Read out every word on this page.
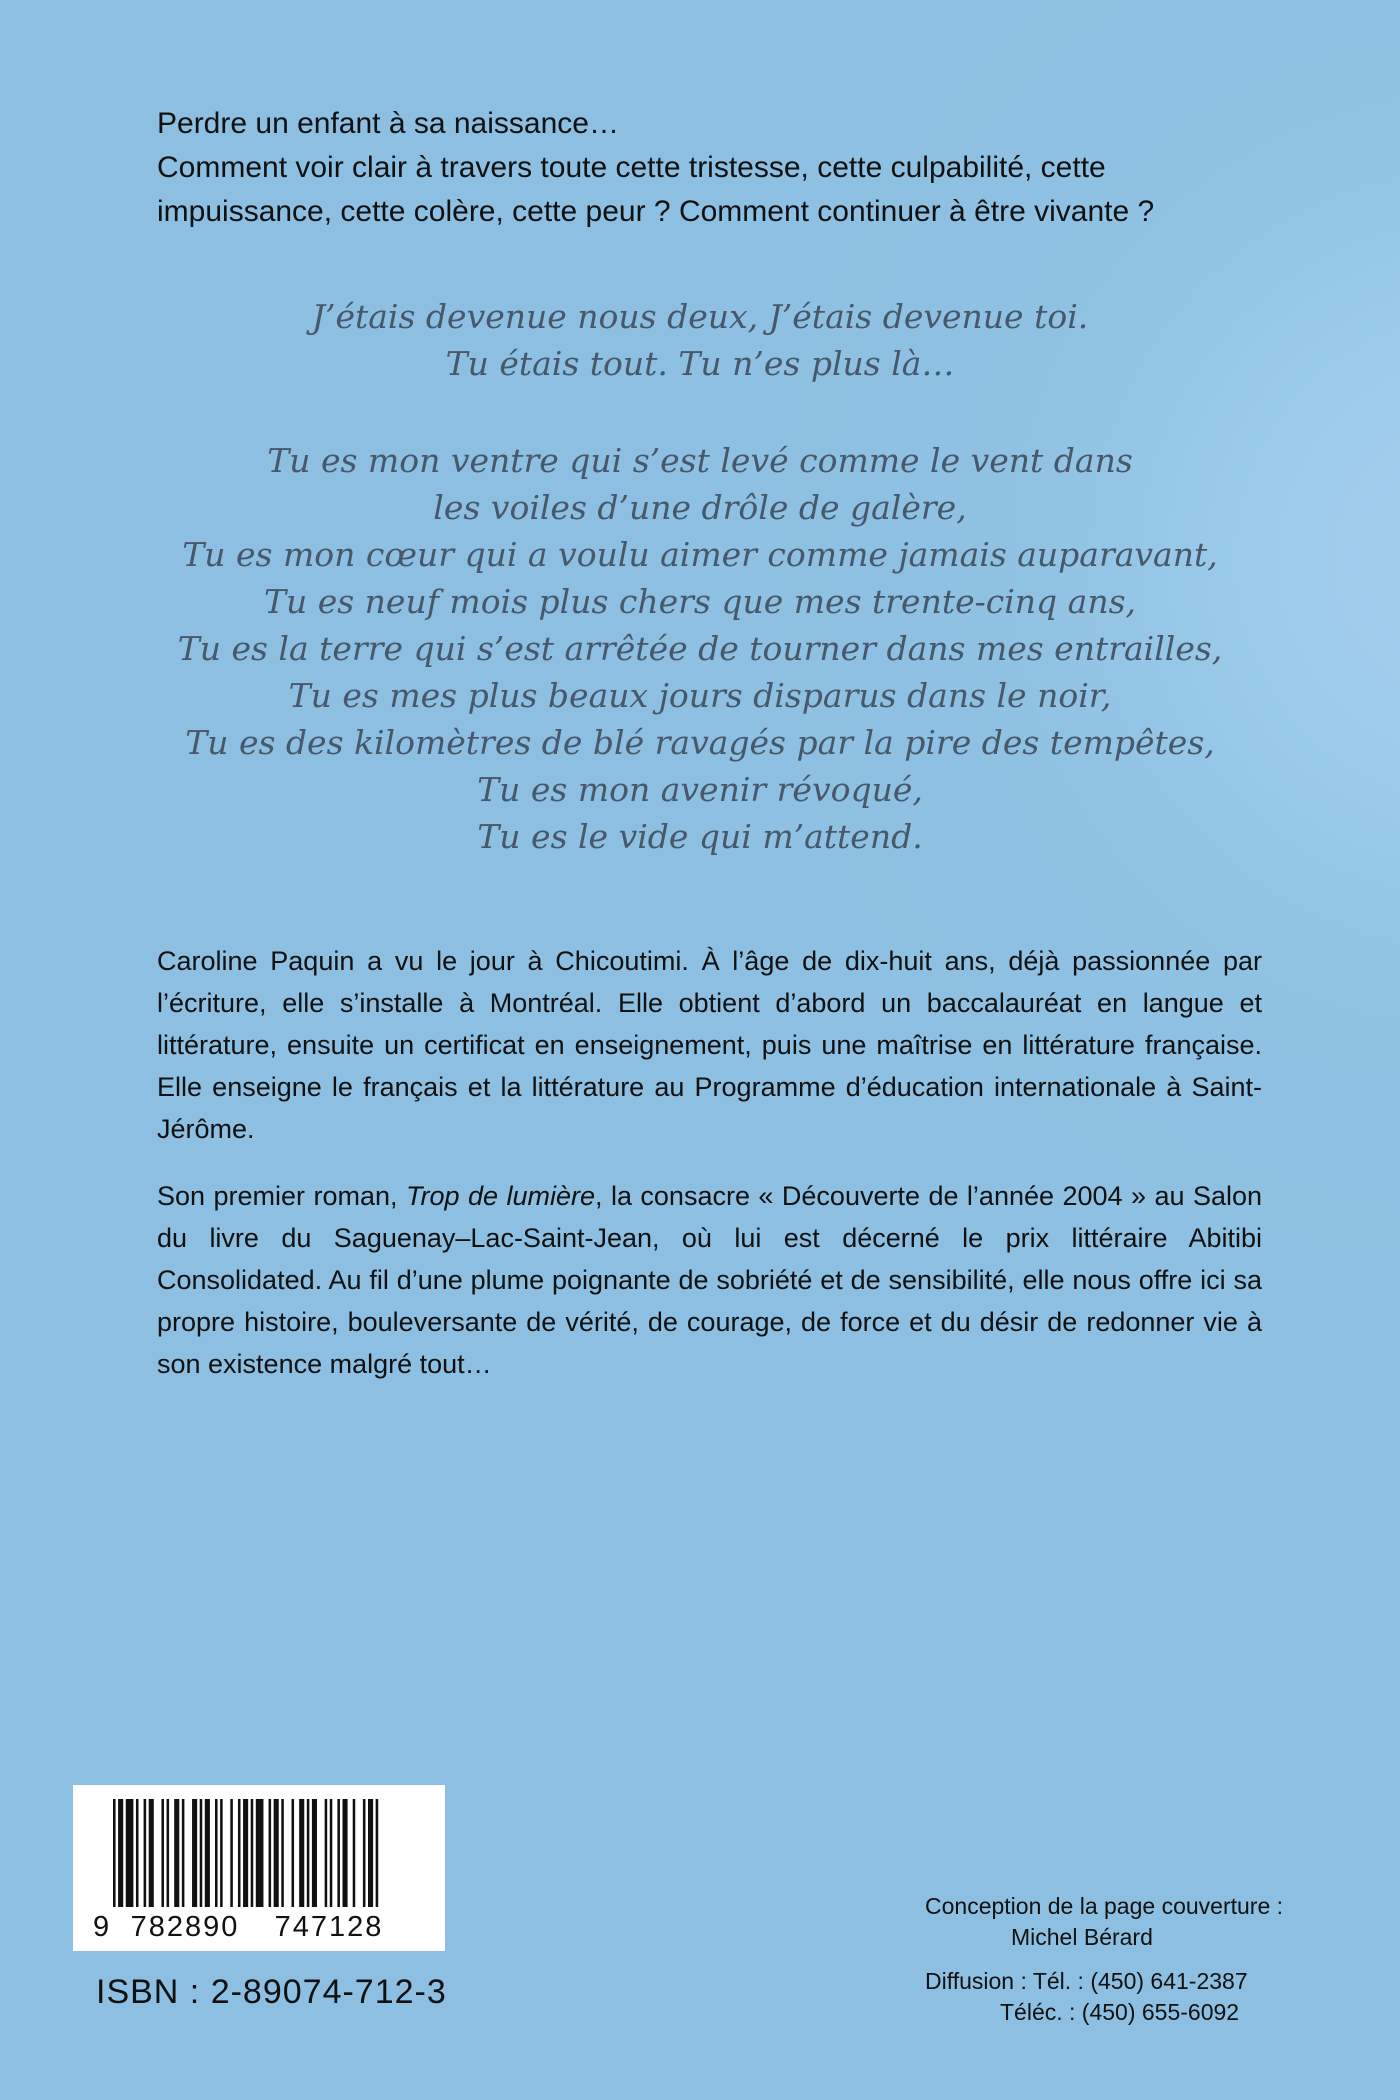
Perdre un enfant à sa naissance…

Comment voir clair à travers toute cette tristesse, cette culpabilité, cette impuissance, cette colère, cette peur ? Comment continuer à être vivante ?

J’étais devenue nous deux, J’étais devenue toi.

Tu étais tout. Tu n’es plus là…

Tu es mon ventre qui s’est levé comme le vent dans

les voiles d’une drôle de galère,

Tu es mon cœur qui a voulu aimer comme jamais auparavant,

Tu es neuf mois plus chers que mes trente-cinq ans,

Tu es la terre qui s’est arrêtée de tourner dans mes entrailles,

Tu es mes plus beaux jours disparus dans le noir,

Tu es des kilomètres de blé ravagés par la pire des tempêtes,

Tu es mon avenir révoqué,

Tu es le vide qui m’attend.

Caroline Paquin a vu le jour à Chicoutimi. À l’âge de dix-huit ans, déjà passionnée par l’écriture, elle s’installe à Montréal. Elle obtient d’abord un baccalauréat en langue et littérature, ensuite un certificat en enseignement, puis une maîtrise en littérature française. Elle enseigne le français et la littérature au Programme d’éducation internationale à Saint-Jérôme.

Son premier roman, Trop de lumière, la consacre « Découverte de l’année 2004 » au Salon du livre du Saguenay–Lac-Saint-Jean, où lui est décerné le prix littéraire Abitibi Consolidated. Au fil d’une plume poignante de sobriété et de sensibilité, elle nous offre ici sa propre histoire, bouleversante de vérité, de courage, de force et du désir de redonner vie à son existence malgré tout…

9 782890 747128

ISBN : 2-89074-712-3

Conception de la page couverture :
Michel Bérard
Diffusion : Tél. : (450) 641-2387
Téléc. : (450) 655-6092
